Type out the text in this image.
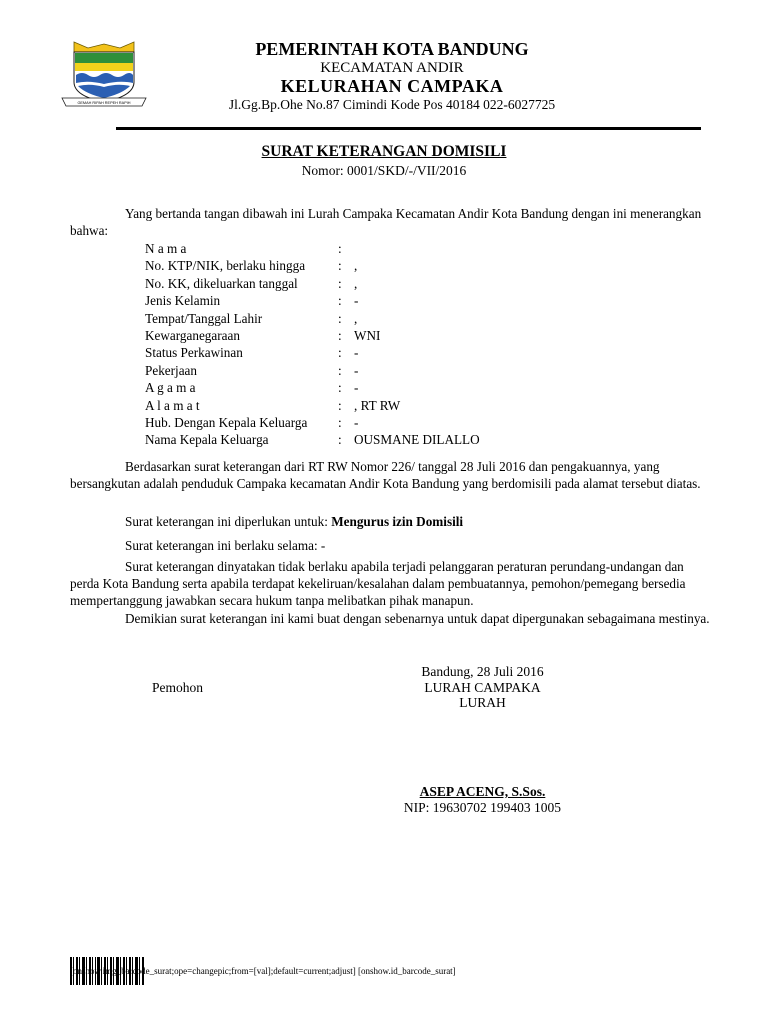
GEMAH RIPAH REPEH RAPIH
PEMERINTAH KOTA BANDUNG
KECAMATAN ANDIR
KELURAHAN CAMPAKA
Jl.Gg.Bp.Ohe No.87 Cimindi Kode Pos 40184 022-6027725
SURAT KETERANGAN DOMISILI
Nomor: 0001/SKD/-/VII/2016
Yang bertanda tangan dibawah ini Lurah Campaka Kecamatan Andir Kota Bandung dengan ini menerangkan bahwa:
N a m a	:
No. KTP/NIK, berlaku hingga : ,
No. KK, dikeluarkan tanggal	: ,
Jenis Kelamin	: -
Tempat/Tanggal Lahir	: ,
Kewarganegaraan	: WNI
Status Perkawinan	: -
Pekerjaan	: -
A g a m a	: -
A l a m a t	: , RT RW
Hub. Dengan Kepala Keluarga : -
Nama Kepala Keluarga	: OUSMANE DILALLO
Berdasarkan surat keterangan dari RT RW Nomor 226/ tanggal 28 Juli 2016 dan pengakuannya, yang bersangkutan adalah penduduk Campaka kecamatan Andir Kota Bandung yang berdomisili pada alamat tersebut diatas.
Surat keterangan ini diperlukan untuk: Mengurus izin Domisili
Surat keterangan ini berlaku selama: -
Surat keterangan dinyatakan tidak berlaku apabila terjadi pelanggaran peraturan perundang-undangan dan perda Kota Bandung serta apabila terdapat kekeliruan/kesalahan dalam pembuatannya, pemohon/pemegang bersedia mempertanggung jawabkan secara hukum tanpa melibatkan pihak manapun.
Demikian surat keterangan ini kami buat dengan sebenarnya untuk dapat dipergunakan sebagaimana mestinya.
Pemohon
Bandung, 28 Juli 2016
LURAH CAMPAKA
LURAH
ASEP ACENG, S.Sos.
NIP: 19630702 199403 1005
[onshow.img_barcode_surat;ope=changepic;from=[val];default=current;adjust] [onshow.id_barcode_surat]
